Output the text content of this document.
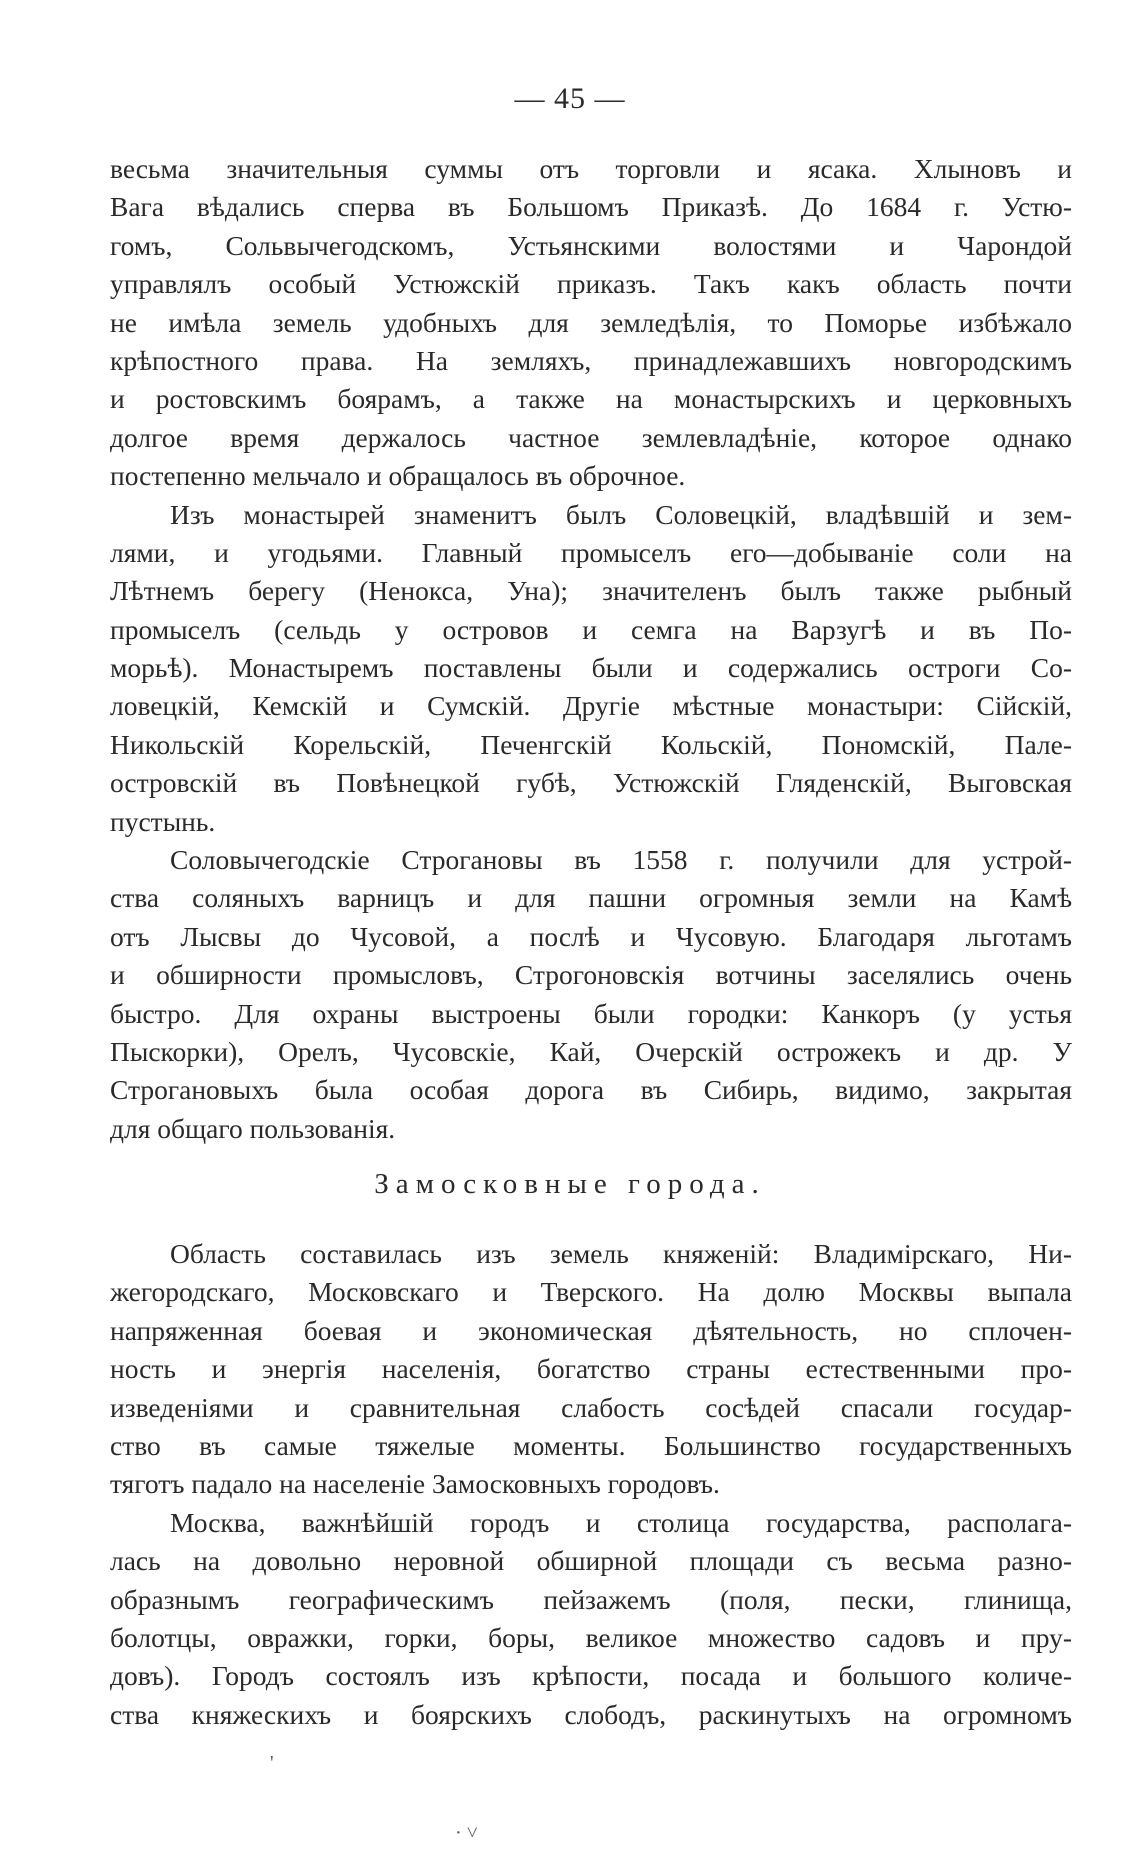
— 45 —
весьма значительныя суммы отъ торговли и ясака. Хлыновъ и
Вага вѣдались сперва въ Большомъ Приказѣ. До 1684 г. Устю-
гомъ, Сольвычегодскомъ, Устьянскими волостями и Чарондой
управлялъ особый Устюжскій приказъ. Такъ какъ область почти
не имѣла земель удобныхъ для земледѣлія, то Поморье избѣжало
крѣпостного права. На земляхъ, принадлежавшихъ новгородскимъ
и ростовскимъ боярамъ, а также на монастырскихъ и церковныхъ
долгое время держалось частное землевладѣніе, которое однако
постепенно мельчало и обращалось въ оброчное.
Изъ монастырей знаменитъ былъ Соловецкій, владѣвшій и зем-
лями, и угодьями. Главный промыселъ его—добываніе соли на
Лѣтнемъ берегу (Ненокса, Уна); значителенъ былъ также рыбный
промыселъ (сельдь у островов и семга на Варзугѣ и въ По-
морьѣ). Монастыремъ поставлены были и содержались остроги Со-
ловецкій, Кемскій и Сумскій. Другіе мѣстные монастыри: Сійскій,
Никольскій Корельскій, Печенгскій Кольскій, Пономскій, Пале-
островскій въ Повѣнецкой губѣ, Устюжскій Гляденскій, Выговская
пустынь.
Соловычегодскіе Строгановы въ 1558 г. получили для устрой-
ства соляныхъ варницъ и для пашни огромныя земли на Камѣ
отъ Лысвы до Чусовой, а послѣ и Чусовую. Благодаря льготамъ
и обширности промысловъ, Строгоновскія вотчины заселялись очень
быстро. Для охраны выстроены были городки: Канкоръ (у устья
Пыскорки), Орелъ, Чусовскіе, Кай, Очерскій острожекъ и др. У
Строгановыхъ была особая дорога въ Сибирь, видимо, закрытая
для общаго пользованія.
Замосковные города.
Область составилась изъ земель княженій: Владимірскаго, Ни-
жегородскаго, Московскаго и Тверского. На долю Москвы выпала
напряженная боевая и экономическая дѣятельность, но сплочен-
ность и энергія населенія, богатство страны естественными про-
изведеніями и сравнительная слабость сосѣдей спасали государ-
ство въ самые тяжелые моменты. Большинство государственныхъ
тяготъ падало на населеніе Замосковныхъ городовъ.
Москва, важнѣйшій городъ и столица государства, располага-
лась на довольно неровной обширной площади съ весьма разно-
образнымъ географическимъ пейзажемъ (поля, пески, глинища,
болотцы, овражки, горки, боры, великое множество садовъ и пру-
довъ). Городъ состоялъ изъ крѣпости, посада и большого количе-
ства княжескихъ и боярскихъ слободъ, раскинутыхъ на огромномъ
'
· ˅
